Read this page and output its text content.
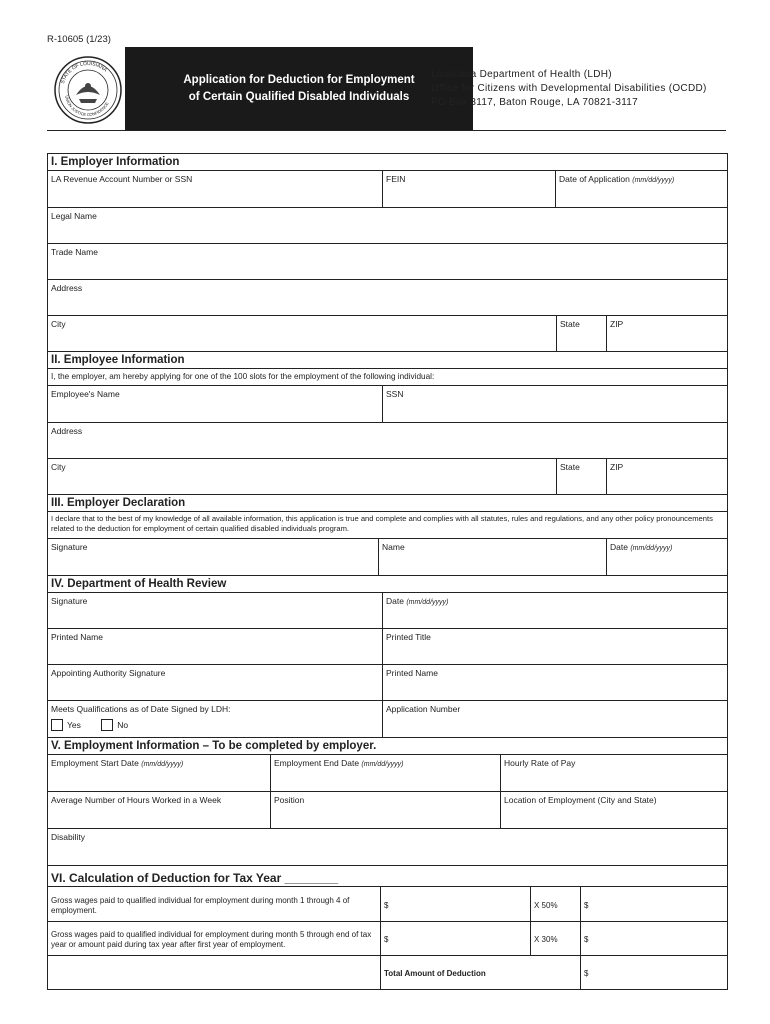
R-10605 (1/23)
STATE OF LOUISIANA
UNION JUSTICE CONFIDENCE
Application for Deduction for Employment
of Certain Qualified Disabled Individuals
Louisiana Department of Health (LDH)
Office for Citizens with Developmental Disabilities (OCDD)
PO Box 3117, Baton Rouge, LA 70821-3117
I. Employer Information
LA Revenue Account Number or SSN	FEIN	Date of Application (mm/dd/yyyy)
Legal Name
Trade Name
Address
City	State	ZIP
II. Employee Information
I, the employer, am hereby applying for one of the 100 slots for the employment of the following individual:
Employee's Name	SSN
Address
City	State	ZIP
III. Employer Declaration
I declare that to the best of my knowledge of all available information, this application is true and complete and complies with all statutes, rules and regulations, and any other policy pronouncements related to the deduction for employment of certain qualified disabled individuals program.
Signature	Name	Date (mm/dd/yyyy)
IV. Department of Health Review
Signature	Date (mm/dd/yyyy)
Printed Name	Printed Title
Appointing Authority Signature	Printed Name
Meets Qualifications as of Date Signed by LDH:
Yes	No
Application Number
V. Employment Information – To be completed by employer.
Employment Start Date (mm/dd/yyyy)	Employment End Date (mm/dd/yyyy)	Hourly Rate of Pay
Average Number of Hours Worked in a Week	Position	Location of Employment (City and State)
Disability
VI. Calculation of Deduction for Tax Year ________
Gross wages paid to qualified individual for employment during month 1 through 4 of employment.
$	X 50%	$
Gross wages paid to qualified individual for employment during month 5 through end of tax year or amount paid during tax year after first year of employment.
$	X 30%	$
Total Amount of Deduction	$
